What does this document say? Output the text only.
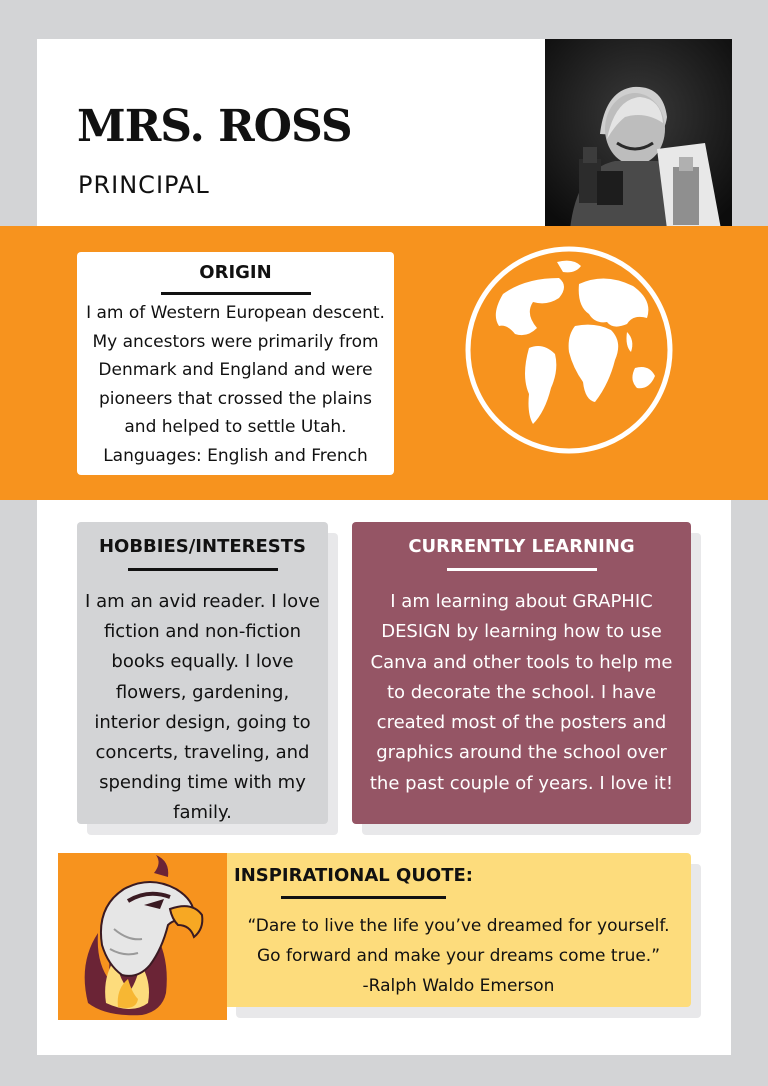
MRS. ROSS
PRINCIPAL
ORIGIN

I am of Western European descent. My ancestors were primarily from Denmark and England and were pioneers that crossed the plains and helped to settle Utah. Languages: English and French

HOBBIES/INTERESTS

I am an avid reader. I love fiction and non-fiction books equally. I love flowers, gardening, interior design, going to concerts, traveling, and spending time with my family.

CURRENTLY LEARNING

I am learning about GRAPHIC DESIGN by learning how to use Canva and other tools to help me to decorate the school. I have created most of the posters and graphics around the school over the past couple of years. I love it!

INSPIRATIONAL QUOTE:

“Dare to live the life you’ve dreamed for yourself.
Go forward and make your dreams come true.”
-Ralph Waldo Emerson
